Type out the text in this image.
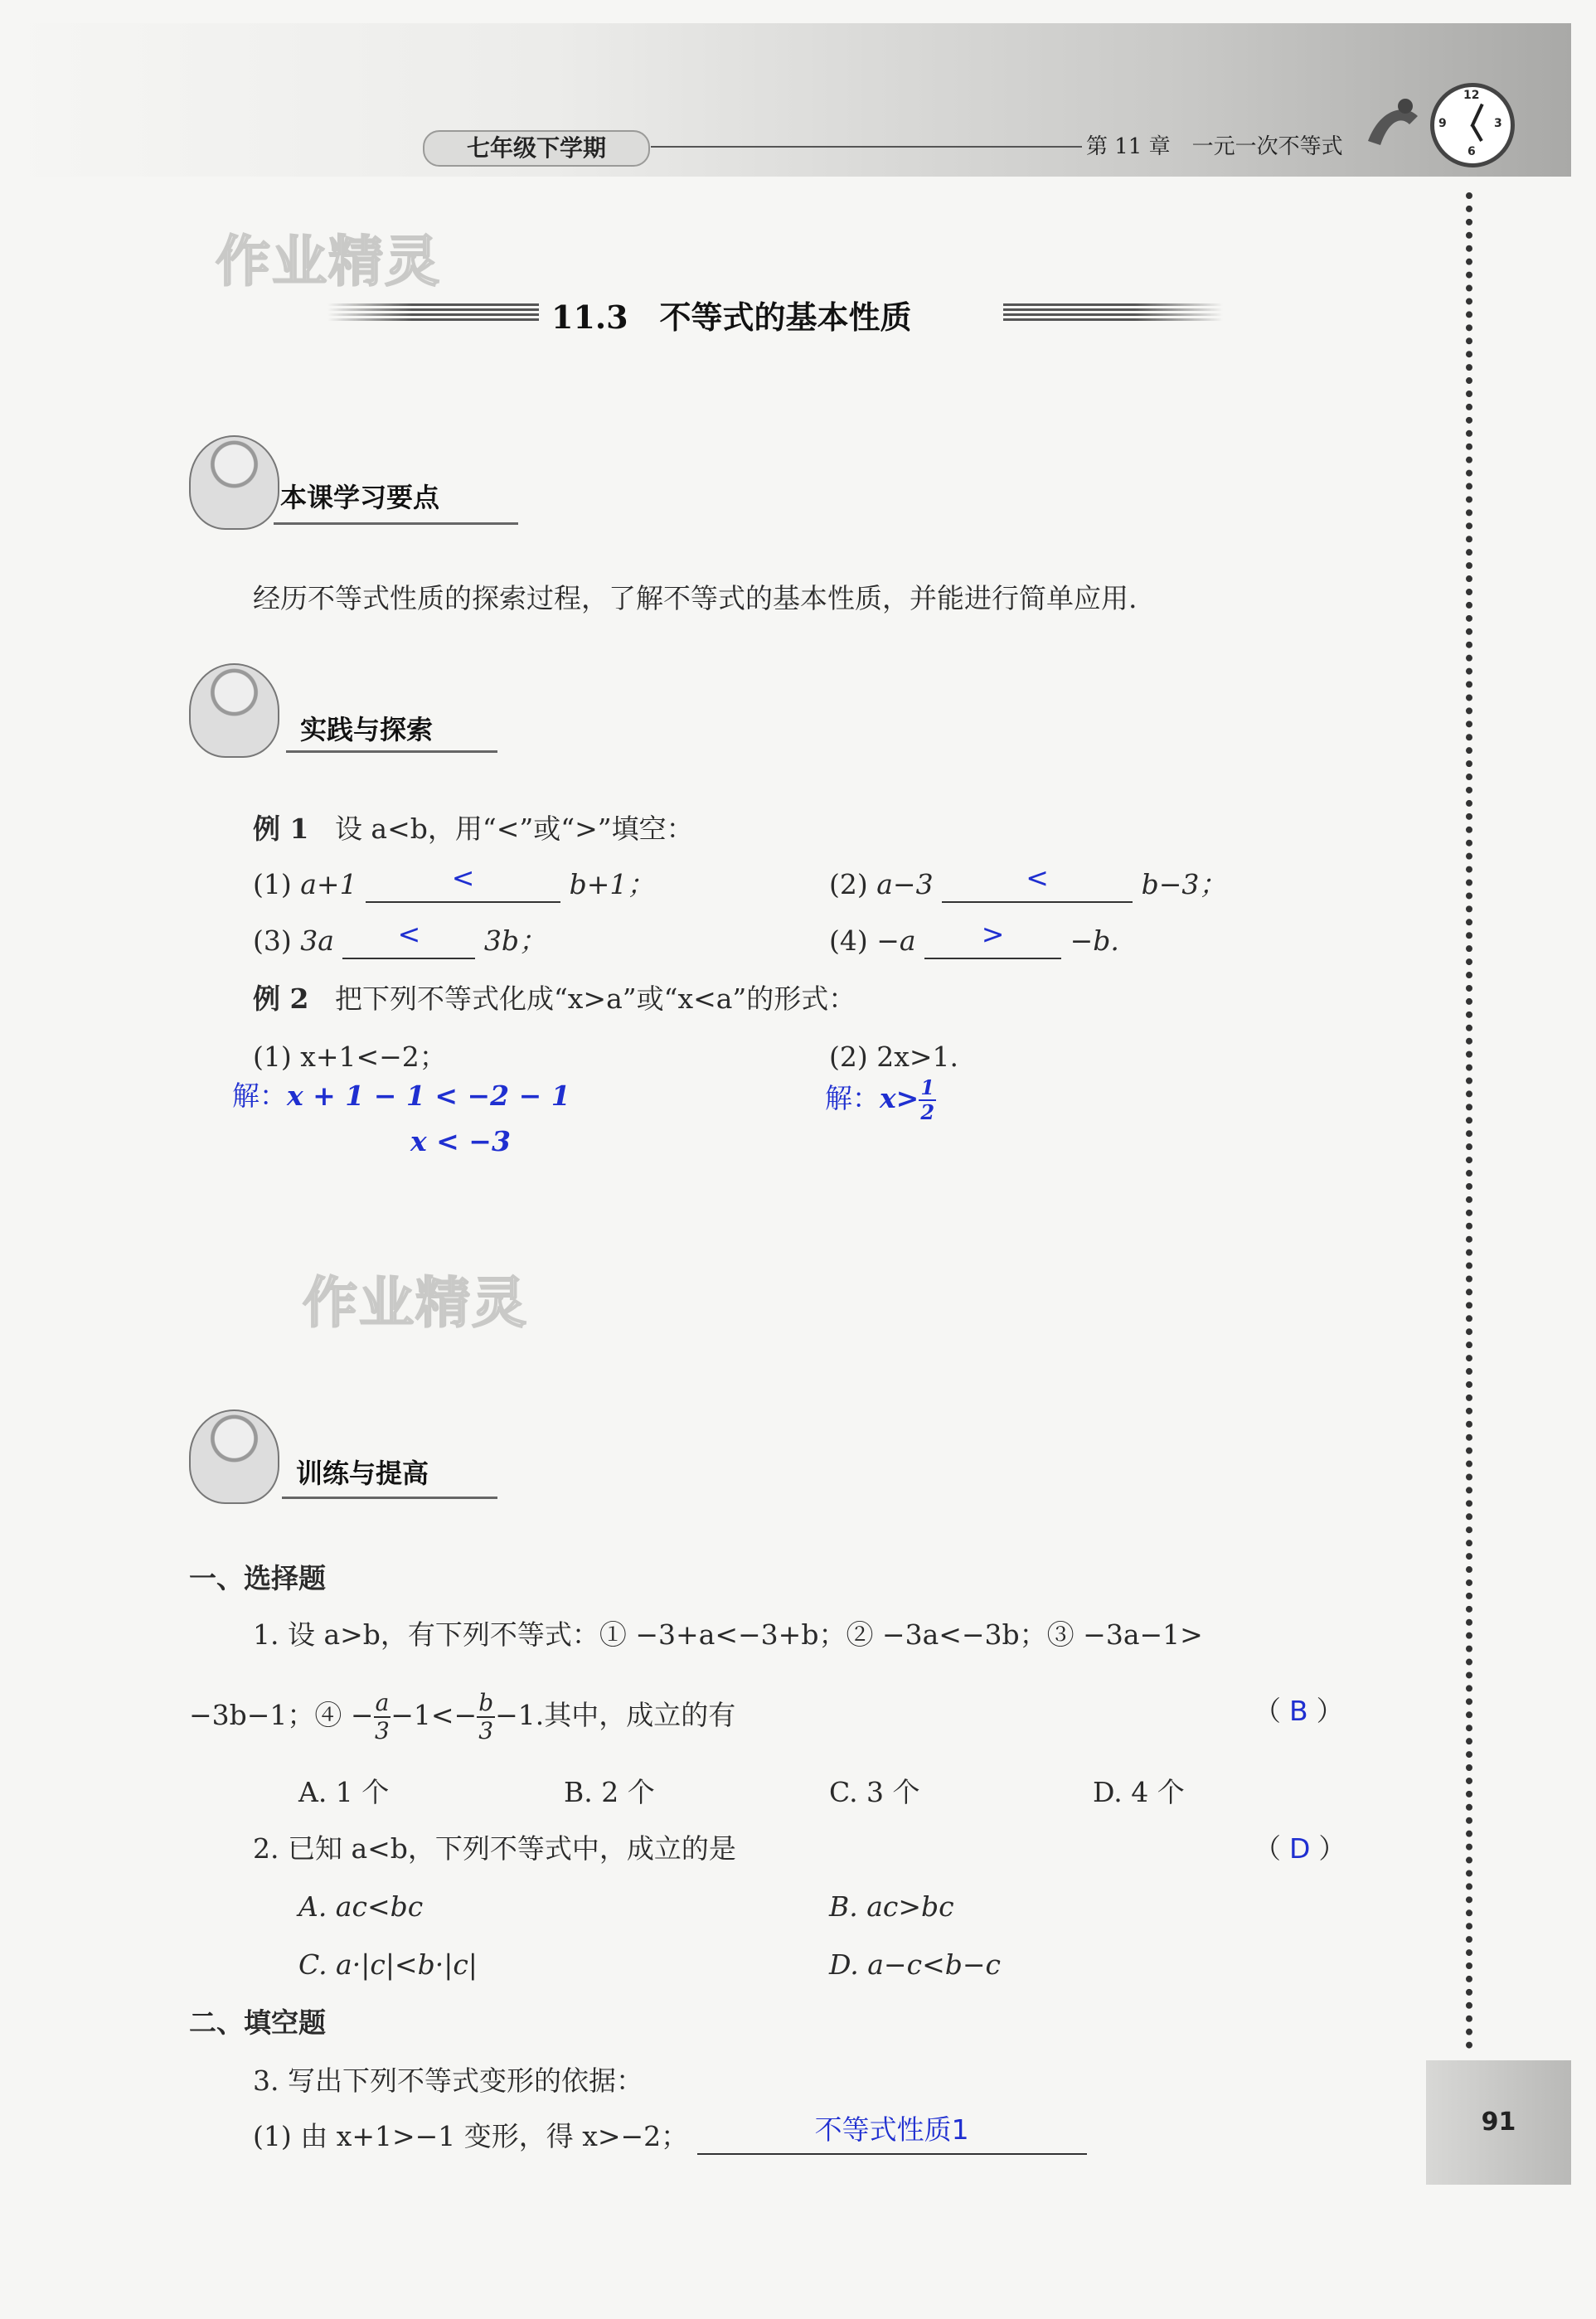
七年级下学期	第 11 章　一元一次不等式
12
3
6
9
作业精灵
作业精灵
11.3　不等式的基本性质
本课学习要点
经历不等式性质的探索过程，了解不等式的基本性质，并能进行简单应用.
实践与探索
例 1 设 a<b，用“<”或“>”填空：
(1) a+1	<	b+1；	(2) a−3	<	b−3；
(3) 3a	<	3b；	(4) −a	>	−b.
例 2 把下列不等式化成“x>a”或“x<a”的形式：
(1) x+1<−2；	(2) 2x>1.
解：x + 1 − 1 < −2 − 1
x < −3
解：$x> \frac{1}{2}$
训练与提高
一、选择题
1. 设 a>b，有下列不等式：① −3+a<−3+b；② −3a<−3b；③ −3a−1>
−3b−1；④ − $\frac{a}{3} -1<- \frac{b}{3} -1$.其中，成立的有	（ B ）
A. 1 个	B. 2 个	C. 3 个	D. 4 个
2. 已知 a<b，下列不等式中，成立的是	（ D ）
A. ac<bc	B. ac>bc
C. a·|c|<b·|c|	D. a−c<b−c
二、填空题
3. 写出下列不等式变形的依据：
(1) 由 x+1>−1 变形，得 x>−2；	不等式性质1	91
